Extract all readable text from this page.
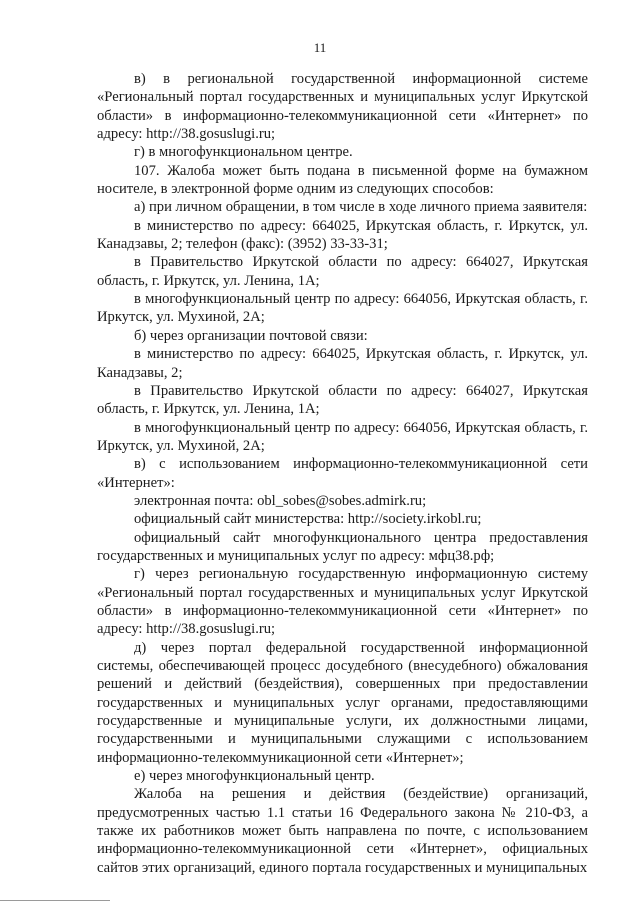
11

в) в региональной государственной информационной системе «Региональный портал государственных и муниципальных услуг Иркутской области» в информационно-телекоммуникационной сети «Интернет» по адресу: http://38.gosuslugi.ru;

г) в многофункциональном центре.

107. Жалоба может быть подана в письменной форме на бумажном носителе, в электронной форме одним из следующих способов:

а) при личном обращении, в том числе в ходе личного приема заявителя:

в министерство по адресу: 664025, Иркутская область, г. Иркутск, ул. Канадзавы, 2; телефон (факс): (3952) 33-33-31;

в Правительство Иркутской области по адресу: 664027, Иркутская область, г. Иркутск, ул. Ленина, 1А;

в многофункциональный центр по адресу: 664056, Иркутская область, г. Иркутск, ул. Мухиной, 2А;

б) через организации почтовой связи:

в министерство по адресу: 664025, Иркутская область, г. Иркутск, ул. Канадзавы, 2;

в Правительство Иркутской области по адресу: 664027, Иркутская область, г. Иркутск, ул. Ленина, 1А;

в многофункциональный центр по адресу: 664056, Иркутская область, г. Иркутск, ул. Мухиной, 2А;

в) с использованием информационно-телекоммуникационной сети «Интернет»:

электронная почта: obl_sobes@sobes.admirk.ru;

официальный сайт министерства: http://society.irkobl.ru;

официальный сайт многофункционального центра предоставления государственных и муниципальных услуг по адресу: мфц38.рф;

г) через региональную государственную информационную систему «Региональный портал государственных и муниципальных услуг Иркутской области» в информационно-телекоммуникационной сети «Интернет» по адресу: http://38.gosuslugi.ru;

д) через портал федеральной государственной информационной системы, обеспечивающей процесс досудебного (внесудебного) обжалования решений и действий (бездействия), совершенных при предоставлении государственных и муниципальных услуг органами, предоставляющими государственные и муниципальные услуги, их должностными лицами, государственными и муниципальными служащими с использованием информационно-телекоммуникационной сети «Интернет»;

е) через многофункциональный центр.

Жалоба на решения и действия (бездействие) организаций, предусмотренных частью 1.1 статьи 16 Федерального закона № 210-ФЗ, а также их работников может быть направлена по почте, с использованием информационно-телекоммуникационной сети «Интернет», официальных сайтов этих организаций, единого портала государственных и муниципальных
